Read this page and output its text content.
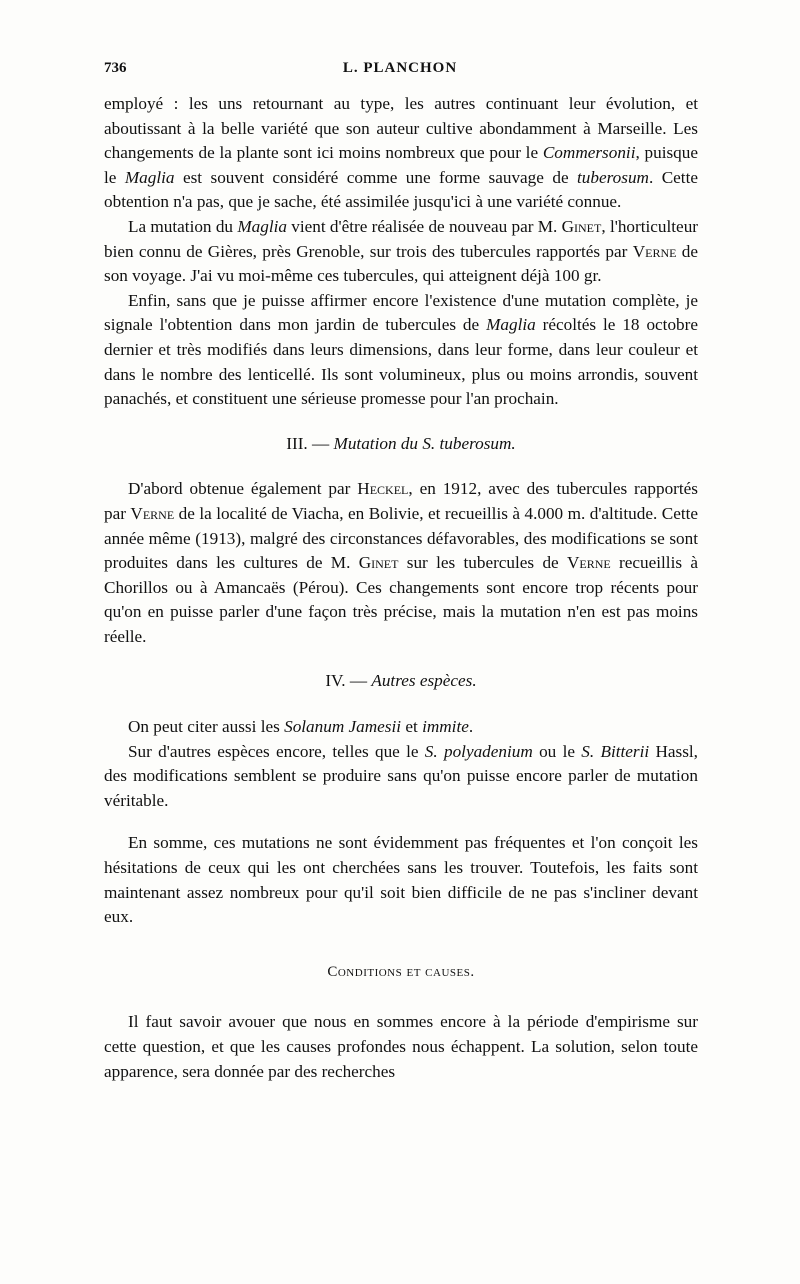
736	L. PLANCHON

employé : les uns retournant au type, les autres continuant leur évolution, et aboutissant à la belle variété que son auteur cultive abondamment à Marseille. Les changements de la plante sont ici moins nombreux que pour le Commersonii, puisque le Maglia est souvent considéré comme une forme sauvage de tuberosum. Cette obtention n'a pas, que je sache, été assimilée jusqu'ici à une variété connue.

La mutation du Maglia vient d'être réalisée de nouveau par M. Ginet, l'horticulteur bien connu de Gières, près Grenoble, sur trois des tubercules rapportés par Verne de son voyage. J'ai vu moi-même ces tubercules, qui atteignent déjà 100 gr.

Enfin, sans que je puisse affirmer encore l'existence d'une mutation complète, je signale l'obtention dans mon jardin de tubercules de Maglia récoltés le 18 octobre dernier et très modifiés dans leurs dimensions, dans leur forme, dans leur couleur et dans le nombre des lenticellé. Ils sont volumineux, plus ou moins arrondis, souvent panachés, et constituent une sérieuse promesse pour l'an prochain.

III. — Mutation du S. tuberosum.

D'abord obtenue également par Heckel, en 1912, avec des tubercules rapportés par Verne de la localité de Viacha, en Bolivie, et recueillis à 4.000 m. d'altitude. Cette année même (1913), malgré des circonstances défavorables, des modifications se sont produites dans les cultures de M. Ginet sur les tubercules de Verne recueillis à Chorillos ou à Amancaës (Pérou). Ces changements sont encore trop récents pour qu'on en puisse parler d'une façon très précise, mais la mutation n'en est pas moins réelle.

IV. — Autres espèces.

On peut citer aussi les Solanum Jamesii et immite.

Sur d'autres espèces encore, telles que le S. polyadenium ou le S. Bitterii Hassl, des modifications semblent se produire sans qu'on puisse encore parler de mutation véritable.

En somme, ces mutations ne sont évidemment pas fréquentes et l'on conçoit les hésitations de ceux qui les ont cherchées sans les trouver. Toutefois, les faits sont maintenant assez nombreux pour qu'il soit bien difficile de ne pas s'incliner devant eux.

Conditions et causes.

Il faut savoir avouer que nous en sommes encore à la période d'empirisme sur cette question, et que les causes profondes nous échappent. La solution, selon toute apparence, sera donnée par des recherches
